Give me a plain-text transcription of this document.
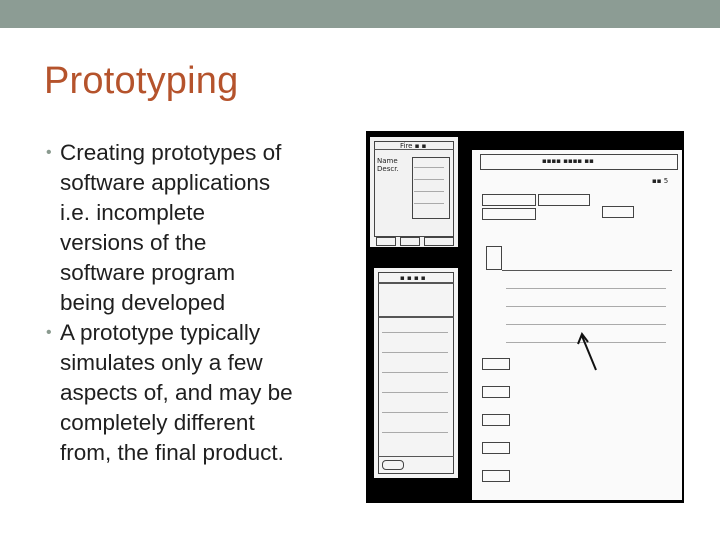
Prototyping
• Creating prototypes of
software applications
i.e. incomplete
versions of the
software program
being developed
• A prototype typically
simulates only a few
aspects of, and may be
completely different
from, the final product.
Fire ▪ ▪
Name
Descr.
▪ ▪ ▪ ▪
▪▪▪▪ ▪▪▪▪ ▪▪
▪▪ 5
